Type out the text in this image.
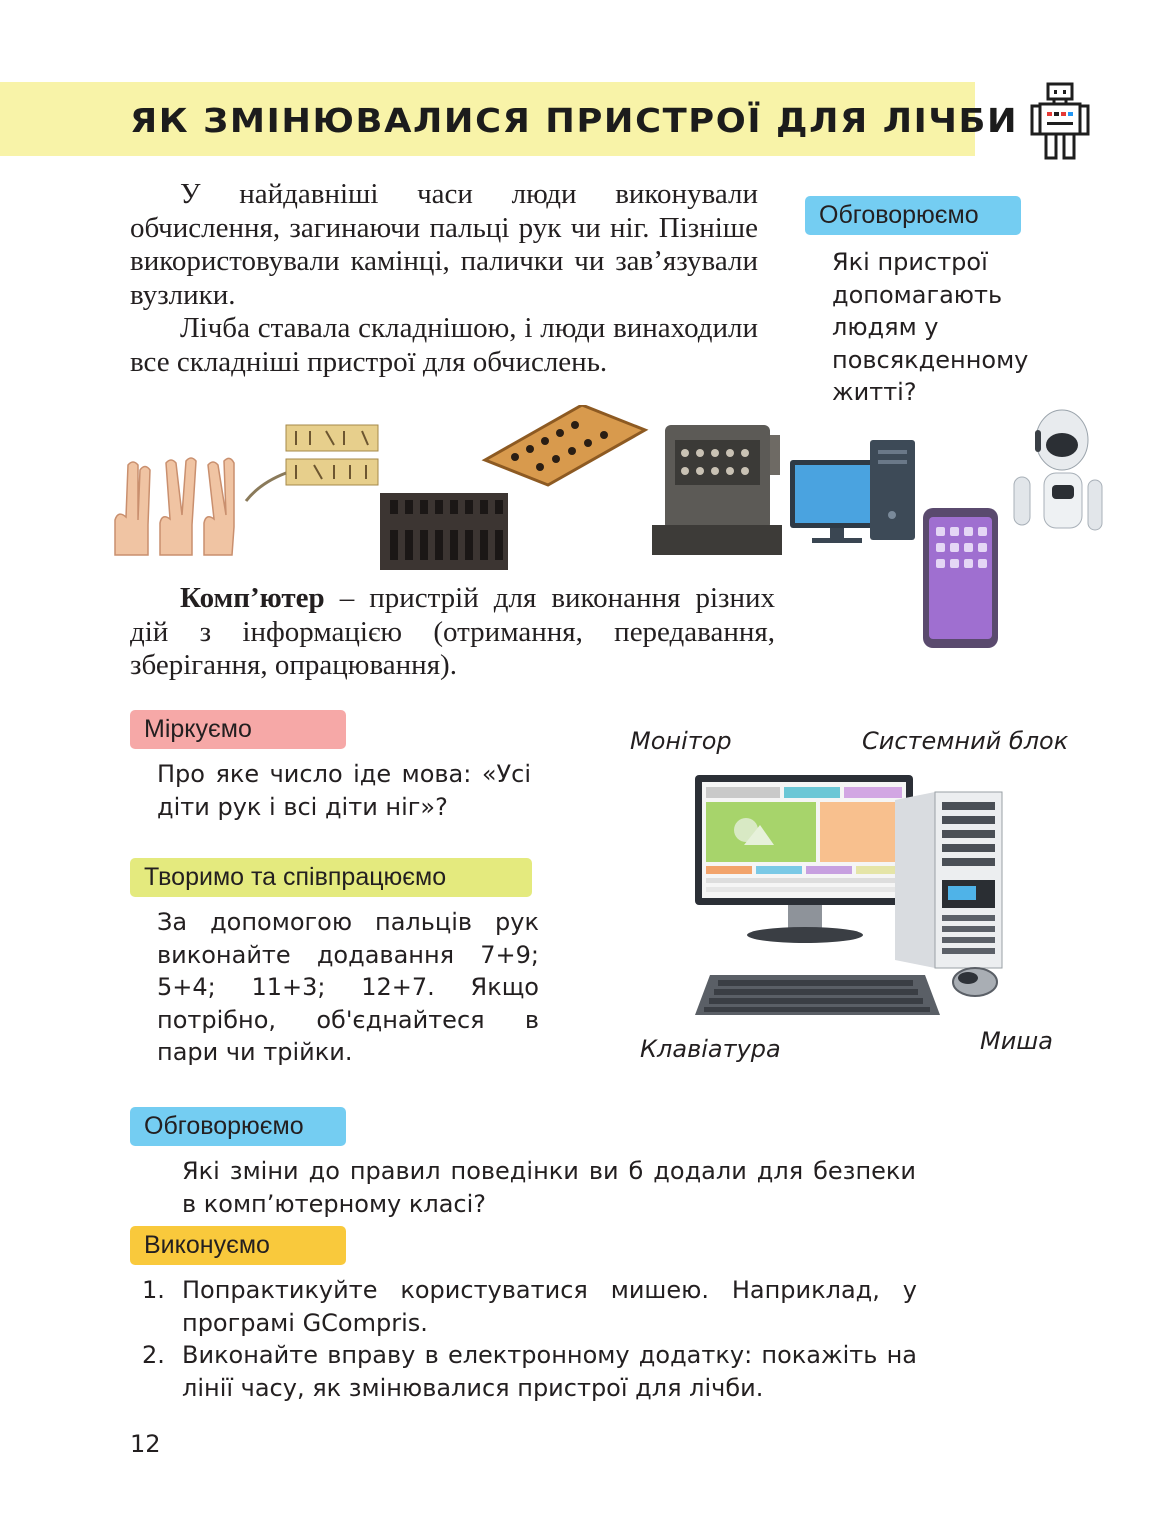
ЯК ЗМІНЮВАЛИСЯ ПРИСТРОЇ ДЛЯ ЛІЧБИ

У найдавніші часи люди виконували обчислення, загинаючи пальці рук чи ніг. Пізніше використовували камінці, палички чи зав’язували вузлики.

Лічба ставала складнішою, і люди винаходили все складніші пристрої для обчислень.

Обговорюємо
Які пристрої допомагають людям у повсякденному житті?

Комп’ютер – пристрій для виконання різних дій з інформацією (отримання, передавання, зберігання, опрацювання).

Міркуємо
Про яке число іде мова: «Усі діти рук і всі діти ніг»?
Творимо та співпрацюємо
За допомогою пальців рук виконайте додавання 7+9; 5+4; 11+3; 12+7. Якщо потрібно, об'єднайтеся в пари чи трійки.
Монітор	Системний блок
Клавіатура	Миша
Обговорюємо
Які зміни до правил поведінки ви б додали для безпеки в комп’ютерному класі?
Виконуємо
1. Попрактикуйте користуватися мишею. Наприклад, у програмі GCompris.
2. Виконайте вправу в електронному додатку: покажіть на лінії часу, як змінювалися пристрої для лічби.
12
